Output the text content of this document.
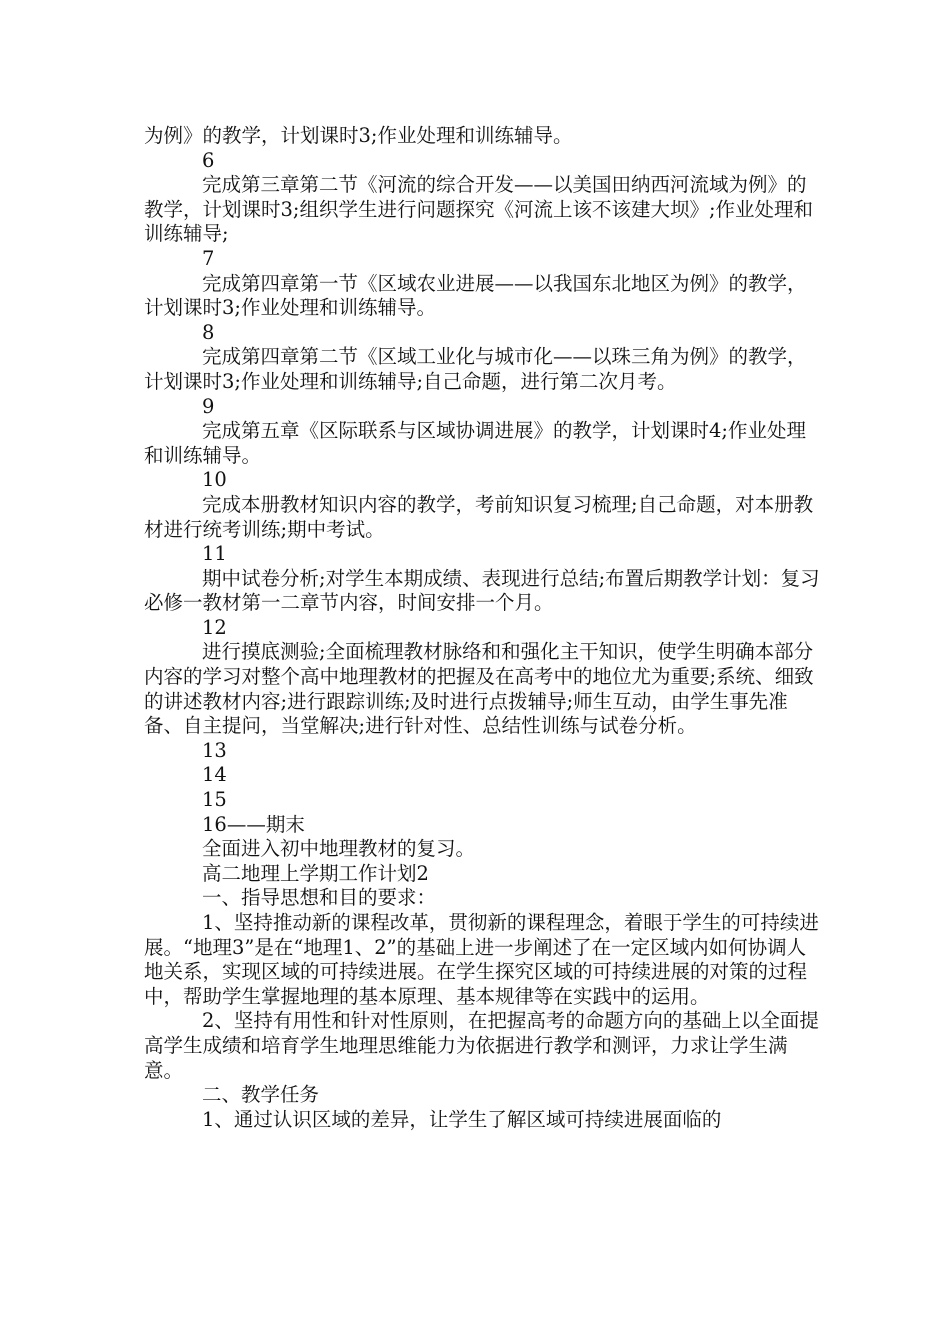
为例》的教学，计划课时3;作业处理和训练辅导。
6
完成第三章第二节《河流的综合开发——以美国田纳西河流域为例》的教学，计划课时3;组织学生进行问题探究《河流上该不该建大坝》;作业处理和训练辅导;
7
完成第四章第一节《区域农业进展——以我国东北地区为例》的教学，计划课时3;作业处理和训练辅导。
8
完成第四章第二节《区域工业化与城市化——以珠三角为例》的教学，计划课时3;作业处理和训练辅导;自己命题，进行第二次月考。
9
完成第五章《区际联系与区域协调进展》的教学，计划课时4;作业处理和训练辅导。
10
完成本册教材知识内容的教学，考前知识复习梳理;自己命题，对本册教材进行统考训练;期中考试。
11
期中试卷分析;对学生本期成绩、表现进行总结;布置后期教学计划：复习必修一教材第一二章节内容，时间安排一个月。
12
进行摸底测验;全面梳理教材脉络和和强化主干知识，使学生明确本部分内容的学习对整个高中地理教材的把握及在高考中的地位尤为重要;系统、细致的讲述教材内容;进行跟踪训练;及时进行点拨辅导;师生互动，由学生事先准备、自主提问，当堂解决;进行针对性、总结性训练与试卷分析。
13
14
15
16——期末
全面进入初中地理教材的复习。
高二地理上学期工作计划2
一、指导思想和目的要求：
1、坚持推动新的课程改革，贯彻新的课程理念，着眼于学生的可持续进展。“地理3”是在“地理1、2”的基础上进一步阐述了在一定区域内如何协调人地关系，实现区域的可持续进展。在学生探究区域的可持续进展的对策的过程中，帮助学生掌握地理的基本原理、基本规律等在实践中的运用。
2、坚持有用性和针对性原则，在把握高考的命题方向的基础上以全面提高学生成绩和培育学生地理思维能力为依据进行教学和测评，力求让学生满意。
二、教学任务
1、通过认识区域的差异，让学生了解区域可持续进展面临的
